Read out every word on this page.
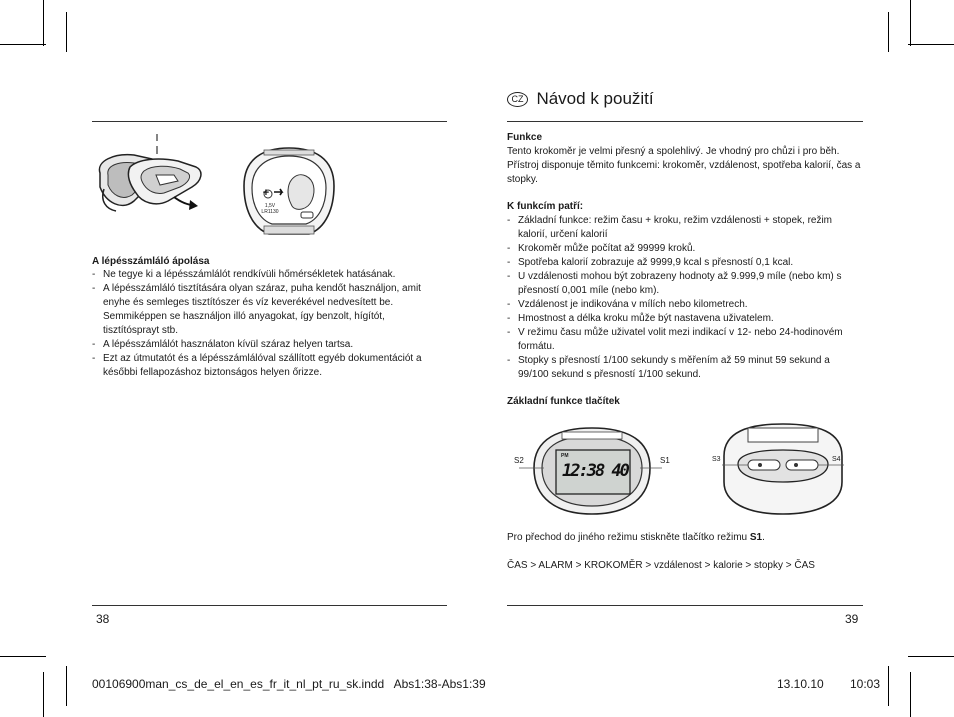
+
1,5V LR1130
A lépésszámláló ápolása
- Ne tegye ki a lépésszámlálót rendkívüli hőmérsékletek hatásának.
- A lépésszámláló tisztítására olyan száraz, puha kendőt használjon, amit enyhe és semleges tisztítószer és víz keverékével nedvesített be. Semmiképpen se használjon illó anyagokat, így benzolt, hígítót, tisztítósprayt stb.
- A lépésszámlálót használaton kívül száraz helyen tartsa.
- Ezt az útmutatót és a lépésszámlálóval szállított egyéb dokumentációt a későbbi fellapozáshoz biztonságos helyen őrizze.
38
CZ Návod k použití
Funkce
Tento krokoměr je velmi přesný a spolehlivý. Je vhodný pro chůzi i pro běh. Přístroj disponuje těmito funkcemi: krokoměr, vzdálenost, spotřeba kalorií, čas a stopky.
K funkcím patří:
- Základní funkce: režim času + kroku, režim vzdálenosti + stopek, režim kalorií, určení kalorií
- Krokoměr může počítat až 99999 kroků.
- Spotřeba kalorií zobrazuje až 9999,9 kcal s přesností 0,1 kcal.
- U vzdálenosti mohou být zobrazeny hodnoty až 9.999,9 míle (nebo km) s přesností 0,001 míle (nebo km).
- Vzdálenost je indikována v mílích nebo kilometrech.
- Hmostnost a délka kroku může být nastavena uživatelem.
- V režimu času může uživatel volit mezi indikací v 12- nebo 24-hodinovém formátu.
- Stopky s přesností 1/100 sekundy s měřením až 59 minut 59 sekund a 99/100 sekund s přesností 1/100 sekund.
Základní funkce tlačítek
S2	S1
PM
12:38 40
S3	S4
Pro přechod do jiného režimu stiskněte tlačítko režimu S1.
ČAS > ALARM > KROKOMĚR > vzdálenost > kalorie > stopky > ČAS
39
00106900man_cs_de_el_en_es_fr_it_nl_pt_ru_sk.indd   Abs1:38-Abs1:39	13.10.10 10:03
